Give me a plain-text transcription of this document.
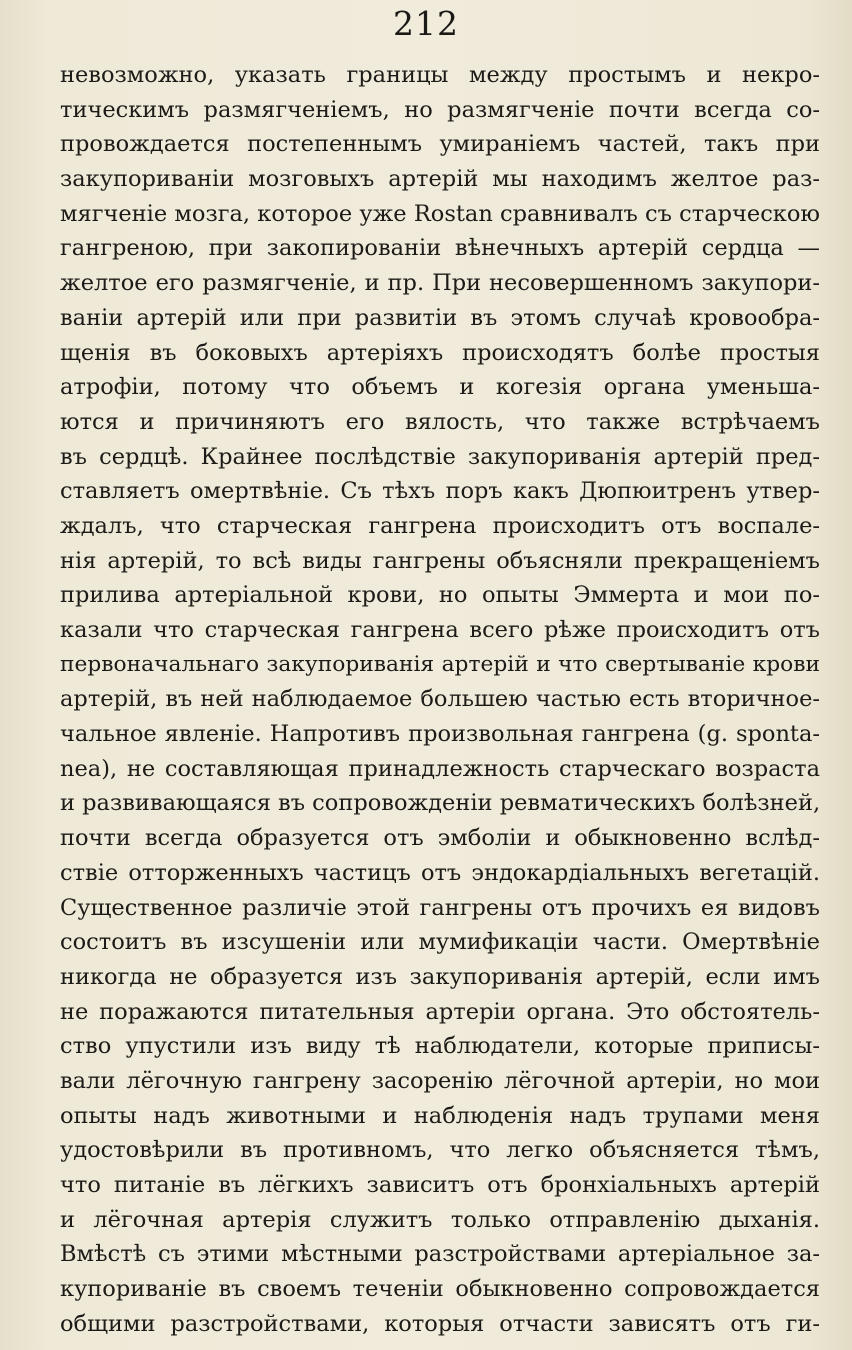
212
невозможно, указать границы между простымъ и некро-
тическимъ размягченіемъ, но размягченіе почти всегда со-
провождается постепеннымъ умираніемъ частей, такъ при
закупориваніи мозговыхъ артерій мы находимъ желтое раз-
мягченіе мозга, которое уже Rostan сравнивалъ съ старческою
гангреною, при закопированіи вѣнечныхъ артерій сердца —
желтое его размягченіе, и пр. При несовершенномъ закупори-
ваніи артерій или при развитіи въ этомъ случаѣ кровообра-
щенія въ боковыхъ артеріяхъ происходятъ болѣе простыя
атрофіи, потому что объемъ и когезія органа уменьша-
ются и причиняютъ его вялость, что также встрѣчаемъ
въ сердцѣ. Крайнее послѣдствіе закупориванія артерій пред-
ставляетъ омертвѣніе. Съ тѣхъ поръ какъ Дюпюитренъ утвер-
ждалъ, что старческая гангрена происходитъ отъ воспале-
нія артерій, то всѣ виды гангрены объясняли прекращеніемъ
прилива артеріальной крови, но опыты Эммерта и мои по-
казали что старческая гангрена всего рѣже происходитъ отъ
первоначальнаго закупориванія артерій и что свертываніе крови
артерій, въ ней наблюдаемое большею частью есть вторичное-
чальное явленіе. Напротивъ произвольная гангрена (g. sponta-
nea), не составляющая принадлежность старческаго возраста
и развивающаяся въ сопровожденіи ревматическихъ болѣзней,
почти всегда образуется отъ эмболіи и обыкновенно вслѣд-
ствіе отторженныхъ частицъ отъ эндокардіальныхъ вегетацій.
Существенное различіе этой гангрены отъ прочихъ ея видовъ
состоитъ въ изсушеніи или мумификаціи части. Омертвѣніе
никогда не образуется изъ закупориванія артерій, если имъ
не поражаются питательныя артеріи органа. Это обстоятель-
ство упустили изъ виду тѣ наблюдатели, которые приписы-
вали лёгочную гангрену засоренію лёгочной артеріи, но мои
опыты надъ животными и наблюденія надъ трупами меня
удостовѣрили въ противномъ, что легко объясняется тѣмъ,
что питаніе въ лёгкихъ зависитъ отъ бронхіальныхъ артерій
и лёгочная артерія служитъ только отправленію дыханія.
Вмѣстѣ съ этими мѣстными разстройствами артеріальное за-
купориваніе въ своемъ теченіи обыкновенно сопровождается
общими разстройствами, которыя отчасти зависятъ отъ ги-
